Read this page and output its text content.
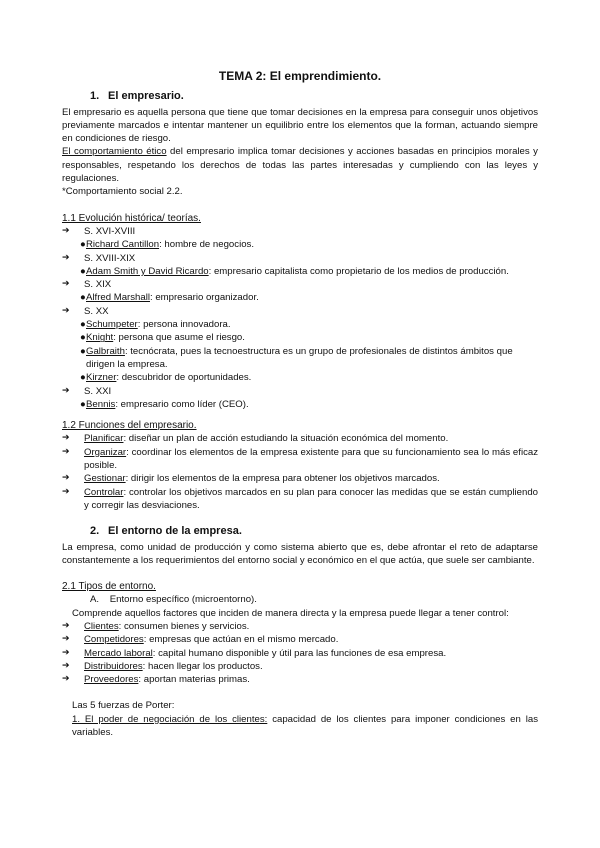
TEMA 2: El emprendimiento.
1. El empresario.

El empresario es aquella persona que tiene que tomar decisiones en la empresa para conseguir unos objetivos previamente marcados e intentar mantener un equilibrio entre los elementos que la forman, actuando siempre en condiciones de riesgo.

El comportamiento ético del empresario implica tomar decisiones y acciones basadas en principios morales y responsables, respetando los derechos de todas las partes interesadas y cumpliendo con las leyes y regulaciones.

*Comportamiento social 2.2.

1.1 Evolución histórica/ teorías.
➔ S. XVI-XVIII
● Richard Cantillon: hombre de negocios.
➔ S. XVIII-XIX
● Adam Smith y David Ricardo: empresario capitalista como propietario de los medios de producción.
➔ S. XIX
● Alfred Marshall: empresario organizador.
➔ S. XX
● Schumpeter: persona innovadora.
● Knight: persona que asume el riesgo.
● Galbraith: tecnócrata, pues la tecnoestructura es un grupo de profesionales de distintos ámbitos que dirigen la empresa.
● Kirzner: descubridor de oportunidades.
➔ S. XXI
● Bennis: empresario como líder (CEO).
1.2 Funciones del empresario.
➔ Planificar: diseñar un plan de acción estudiando la situación económica del momento.
➔ Organizar: coordinar los elementos de la empresa existente para que su funcionamiento sea lo más eficaz posible.
➔ Gestionar: dirigir los elementos de la empresa para obtener los objetivos marcados.
➔ Controlar: controlar los objetivos marcados en su plan para conocer las medidas que se están cumpliendo y corregir las desviaciones.
2. El entorno de la empresa.

La empresa, como unidad de producción y como sistema abierto que es, debe afrontar el reto de adaptarse constantemente a los requerimientos del entorno social y económico en el que actúa, que suele ser cambiante.

2.1 Tipos de entorno.
A.    Entorno específico (microentorno).
Comprende aquellos factores que inciden de manera directa y la empresa puede llegar a tener control:
➔ Clientes: consumen bienes y servicios.
➔ Competidores: empresas que actúan en el mismo mercado.
➔ Mercado laboral: capital humano disponible y útil para las funciones de esa empresa.
➔ Distribuidores: hacen llegar los productos.
➔ Proveedores: aportan materias primas.
Las 5 fuerzas de Porter:

1. El poder de negociación de los clientes: capacidad de los clientes para imponer condiciones en las variables.
